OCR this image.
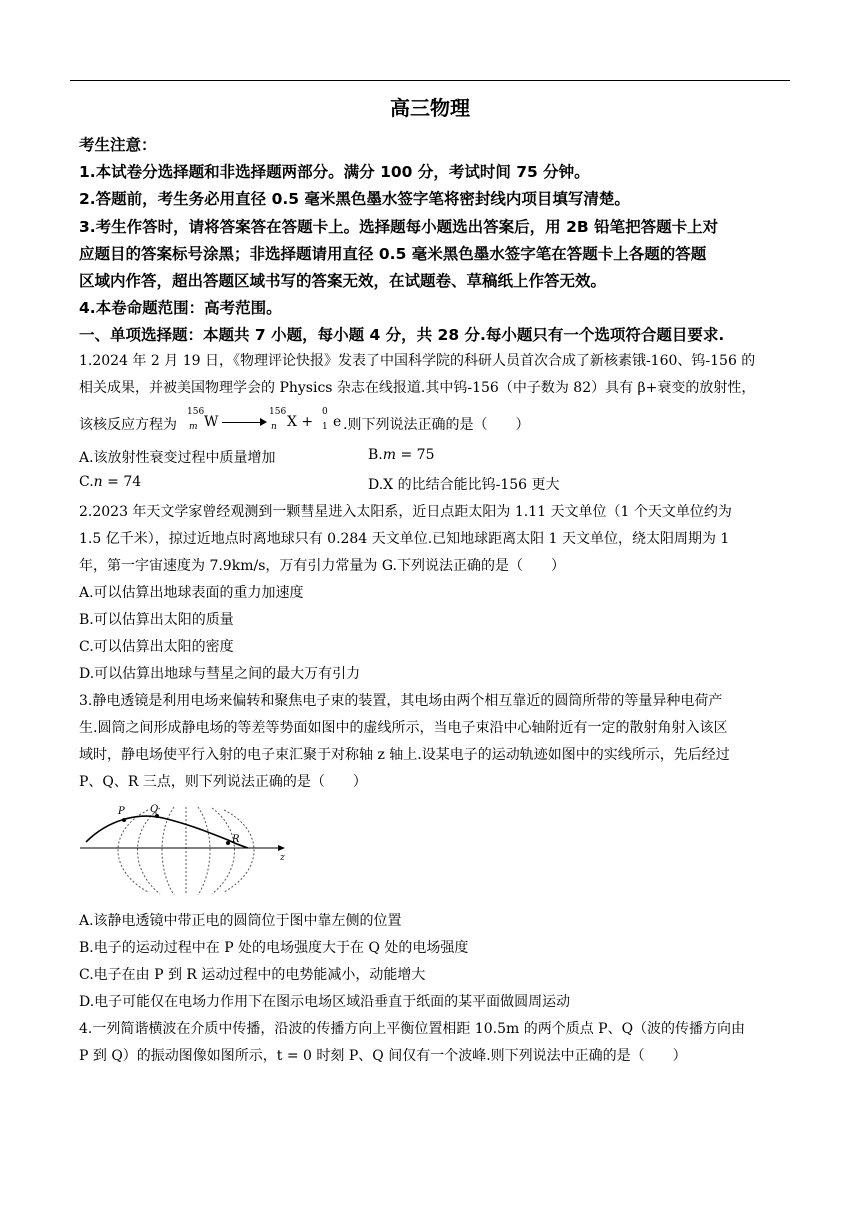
高三物理
考生注意：
1.本试卷分选择题和非选择题两部分。满分 100 分，考试时间 75 分钟。
2.答题前，考生务必用直径 0.5 毫米黑色墨水签字笔将密封线内项目填写清楚。
3.考生作答时，请将答案答在答题卡上。选择题每小题选出答案后，用 2B 铅笔把答题卡上对
应题目的答案标号涂黑；非选择题请用直径 0.5 毫米黑色墨水签字笔在答题卡上各题的答题
区域内作答，超出答题区域书写的答案无效，在试题卷、草稿纸上作答无效。
4.本卷命题范围：高考范围。
一、单项选择题：本题共 7 小题，每小题 4 分，共 28 分.每小题只有一个选项符合题目要求.
1.2024 年 2 月 19 日，《物理评论快报》发表了中国科学院的科研人员首次合成了新核素锇-160、钨-156 的
相关成果，并被美国物理学会的 Physics 杂志在线报道.其中钨-156（中子数为 82）具有 β+衰变的放射性，
该核反应方程为
156
m W
156
n X +
0
1 e .则下列说法正确的是（　　）
A.该放射性衰变过程中质量增加	B.m = 75
C.n = 74	D.X 的比结合能比钨-156 更大
2.2023 年天文学家曾经观测到一颗彗星进入太阳系，近日点距太阳为 1.11 天文单位（1 个天文单位约为
1.5 亿千米），掠过近地点时离地球只有 0.284 天文单位.已知地球距离太阳 1 天文单位，绕太阳周期为 1
年，第一宇宙速度为 7.9km/s，万有引力常量为 G.下列说法正确的是（　　）
A.可以估算出地球表面的重力加速度
B.可以估算出太阳的质量
C.可以估算出太阳的密度
D.可以估算出地球与彗星之间的最大万有引力
3.静电透镜是利用电场来偏转和聚焦电子束的装置，其电场由两个相互靠近的圆筒所带的等量异种电荷产
生.圆筒之间形成静电场的等差等势面如图中的虚线所示，当电子束沿中心轴附近有一定的散射角射入该区
域时，静电场使平行入射的电子束汇聚于对称轴 z 轴上.设某电子的运动轨迹如图中的实线所示，先后经过
P、Q、R 三点，则下列说法正确的是（　　）
P	Q
R
z
A.该静电透镜中带正电的圆筒位于图中靠左侧的位置
B.电子的运动过程中在 P 处的电场强度大于在 Q 处的电场强度
C.电子在由 P 到 R 运动过程中的电势能减小，动能增大
D.电子可能仅在电场力作用下在图示电场区域沿垂直于纸面的某平面做圆周运动
4.一列简谐横波在介质中传播，沿波的传播方向上平衡位置相距 10.5m 的两个质点 P、Q（波的传播方向由
P 到 Q）的振动图像如图所示，t = 0 时刻 P、Q 间仅有一个波峰.则下列说法中正确的是（　　）
